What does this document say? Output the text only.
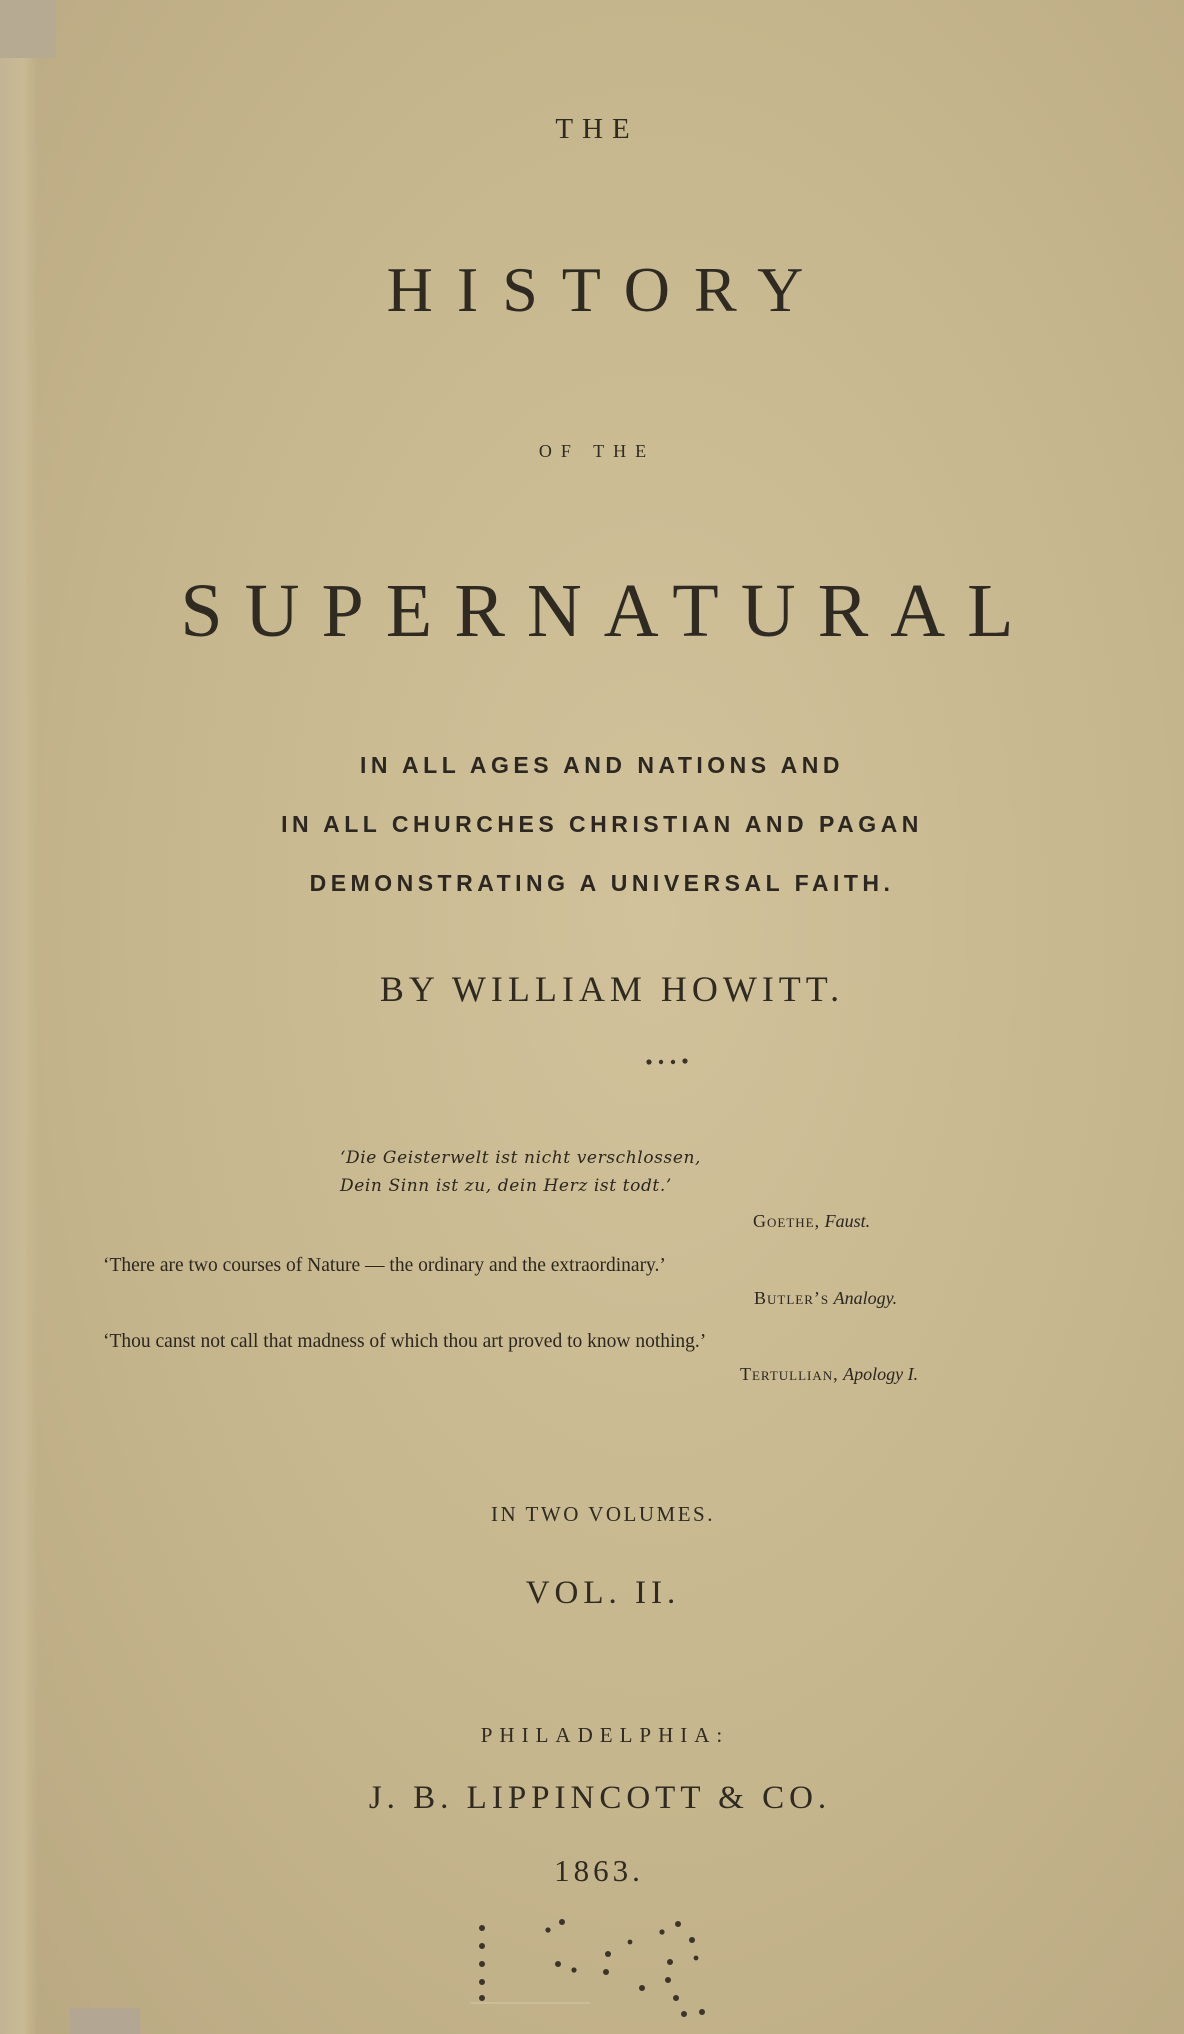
THE
HISTORY
OF THE
SUPERNATURAL
IN ALL AGES AND NATIONS AND
IN ALL CHURCHES CHRISTIAN AND PAGAN
DEMONSTRATING A UNIVERSAL FAITH.
BY WILLIAM HOWITT.
‘Die Geisterwelt ist nicht verschlossen,
Dein Sinn ist zu, dein Herz ist todt.’
Goethe, Faust.
‘There are two courses of Nature — the ordinary and the extraordinary.’
Butler’s Analogy.
‘Thou canst not call that madness of which thou art proved to know nothing.’
Tertullian, Apology I.
IN TWO VOLUMES.
VOL. II.
PHILADELPHIA:
J. B. LIPPINCOTT & CO.
1863.
